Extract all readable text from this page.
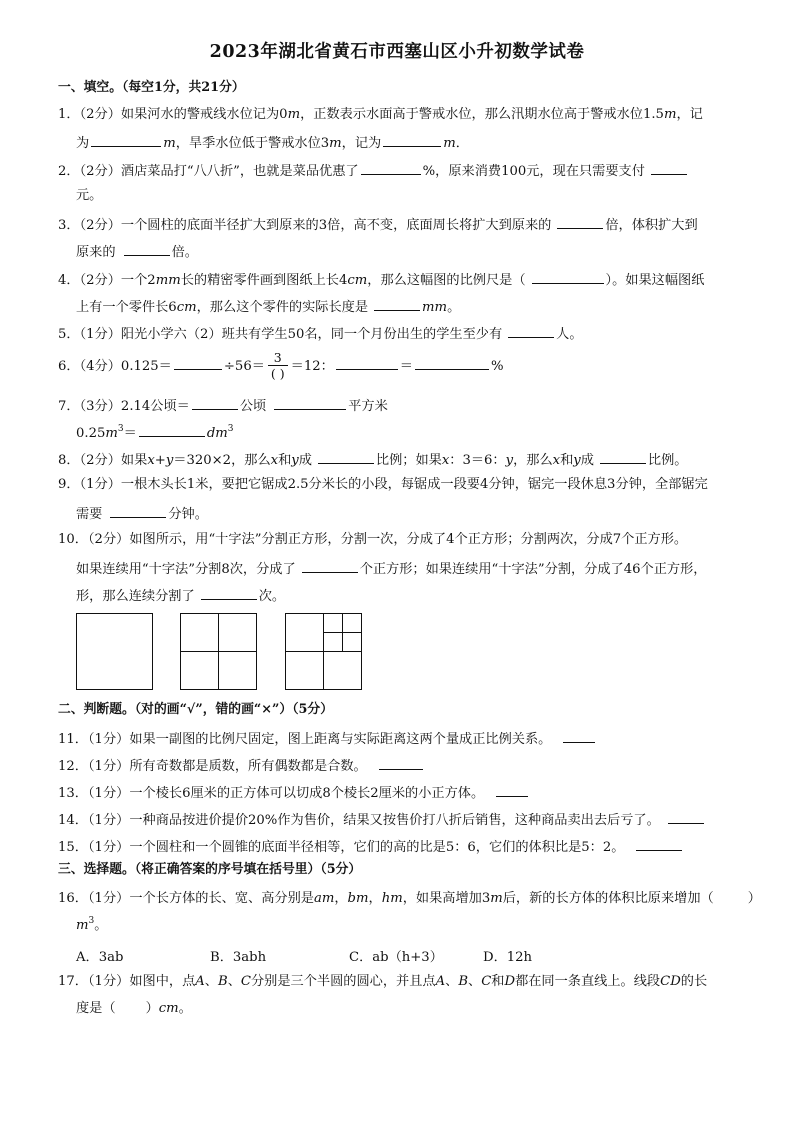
2023年湖北省黄石市西塞山区小升初数学试卷
一、填空。（每空1分，共21分）
1．（2分）如果河水的警戒线水位记为0m，正数表示水面高于警戒水位，那么汛期水位高于警戒水位1.5m，记
为	m，旱季水位低于警戒水位3m，记为	m．
2．（2分）酒店菜品打“八八折”，也就是菜品优惠了	%，原来消费100元，现在只需要支付
元。
3．（2分）一个圆柱的底面半径扩大到原来的3倍，高不变，底面周长将扩大到原来的	倍，体积扩大到
原来的	倍。
4．（2分）一个2mm长的精密零件画到图纸上长4cm，那么这幅图的比例尺是（	）。如果这幅图纸
上有一个零件长6cm，那么这个零件的实际长度是	mm。
5．（1分）阳光小学六（2）班共有学生50名，同一个月份出生的学生至少有	人。
6．（4分）0.125＝	$\div 56= \frac{3}{( )} =12$：	＝	%
7．（3分）2.14公顷＝	公顷	平方米
$0.25m^3=$	$dm^3$
8．（2分）如果x+y＝320×2，那么x和y成	比例；如果x：3＝6：y，那么x和y成	比例。
9．（1分）一根木头长1米，要把它锯成2.5分米长的小段，每锯成一段要4分钟，锯完一段休息3分钟，全部锯完
需要	分钟。
10．（2分）如图所示，用“十字法”分割正方形，分割一次，分成了4个正方形；分割两次，分成7个正方形。
如果连续用“十字法”分割8次，分成了	个正方形；如果连续用“十字法”分割，分成了46个正方形，
形，那么连续分割了	次。
二、判断题。（对的画“√”，错的画“×”）（5分）
11．（1分）如果一副图的比例尺固定，图上距离与实际距离这两个量成正比例关系。
12．（1分）所有奇数都是质数，所有偶数都是合数。
13．（1分）一个棱长6厘米的正方体可以切成8个棱长2厘米的小正方体。
14．（1分）一种商品按进价提价20%作为售价，结果又按售价打八折后销售，这种商品卖出去后亏了。
15．（1分）一个圆柱和一个圆锥的底面半径相等，它们的高的比是5：6，它们的体积比是5：2。
三、选择题。（将正确答案的序号填在括号里）（5分）
16．（1分）一个长方体的长、宽、高分别是am，bm，hm，如果高增加3m后，新的长方体的体积比原来增加（	）
$m^3$。
A．3ab	B．3abh	C．ab（h+3）	D．12h
17．（1分）如图中，点A、B、C分别是三个半圆的圆心，并且点A、B、C和D都在同一条直线上。线段CD的长
度是（ ）cm。
